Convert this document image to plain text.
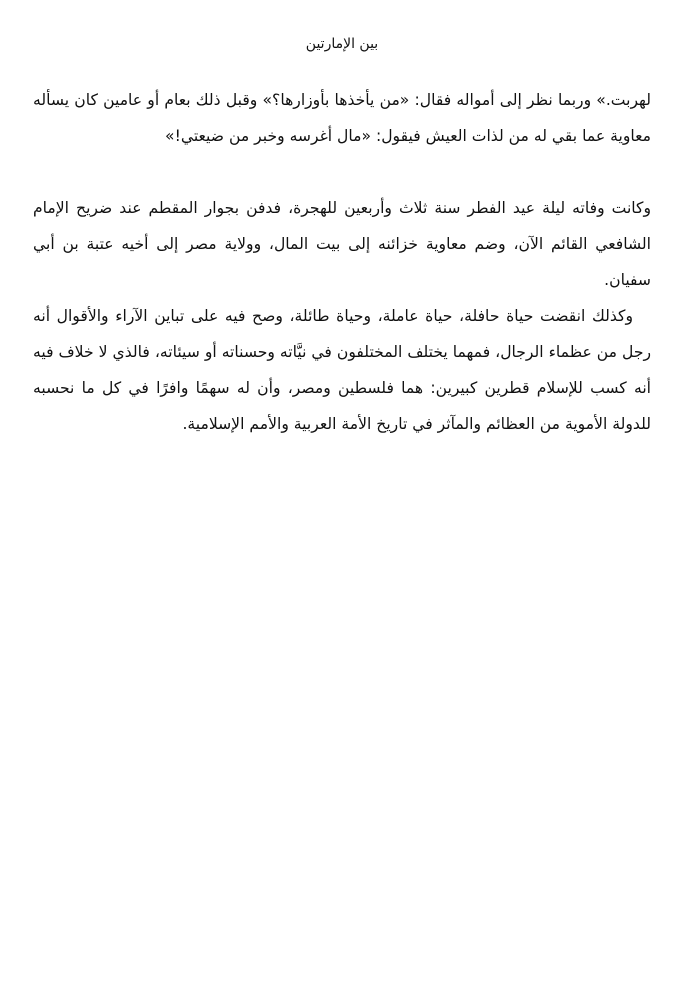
بين الإمارتين

لهربت.» وربما نظر إلى أمواله فقال: «من يأخذها بأوزارها؟» وقبل ذلك بعام أو عامين كان يسأله معاوية عما بقي له من لذات العيش فيقول: «مال أغرسه وخبر من ضيعتي!»

وكانت وفاته ليلة عيد الفطر سنة ثلاث وأربعين للهجرة، فدفن بجوار المقطم عند ضريح الإمام الشافعي القائم الآن، وضم معاوية خزائنه إلى بيت المال، وولاية مصر إلى أخيه عتبة بن أبي سفيان.

وكذلك انقضت حياة حافلة، حياة عاملة، وحياة طائلة، وصح فيه على تباين الآراء والأقوال أنه رجل من عظماء الرجال، فمهما يختلف المختلفون في نيَّاته وحسناته أو سيئاته، فالذي لا خلاف فيه أنه كسب للإسلام قطرين كبيرين: هما فلسطين ومصر، وأن له سهمًا وافرًا في كل ما نحسبه للدولة الأموية من العظائم والمآثر في تاريخ الأمة العربية والأمم الإسلامية.
